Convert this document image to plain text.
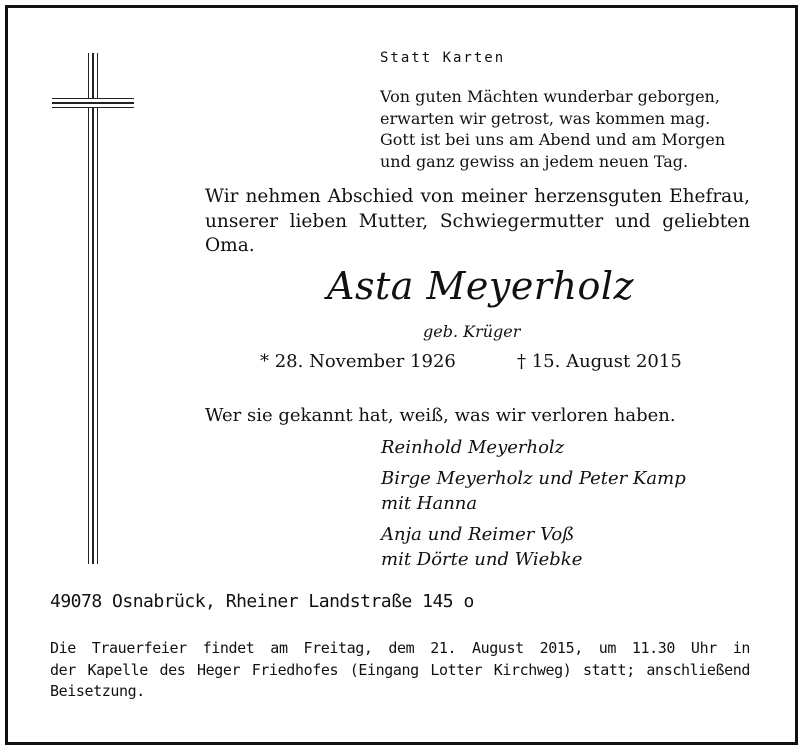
Statt Karten
Von guten Mächten wunderbar geborgen,
erwarten wir getrost, was kommen mag.
Gott ist bei uns am Abend und am Morgen
und ganz gewiss an jedem neuen Tag.
Wir nehmen Abschied von meiner herzensguten Ehefrau,
unserer lieben Mutter, Schwiegermutter und geliebten
Oma.
Asta Meyerholz
geb. Krüger
* 28. November 1926	† 15. August 2015
Wer sie gekannt hat, weiß, was wir verloren haben.
Reinhold Meyerholz
Birge Meyerholz und Peter Kamp
mit Hanna
Anja und Reimer Voß
mit Dörte und Wiebke
49078 Osnabrück, Rheiner Landstraße 145 o
Die Trauerfeier findet am Freitag, dem 21. August 2015, um 11.30 Uhr in
der Kapelle des Heger Friedhofes (Eingang Lotter Kirchweg) statt; anschließend
Beisetzung.
